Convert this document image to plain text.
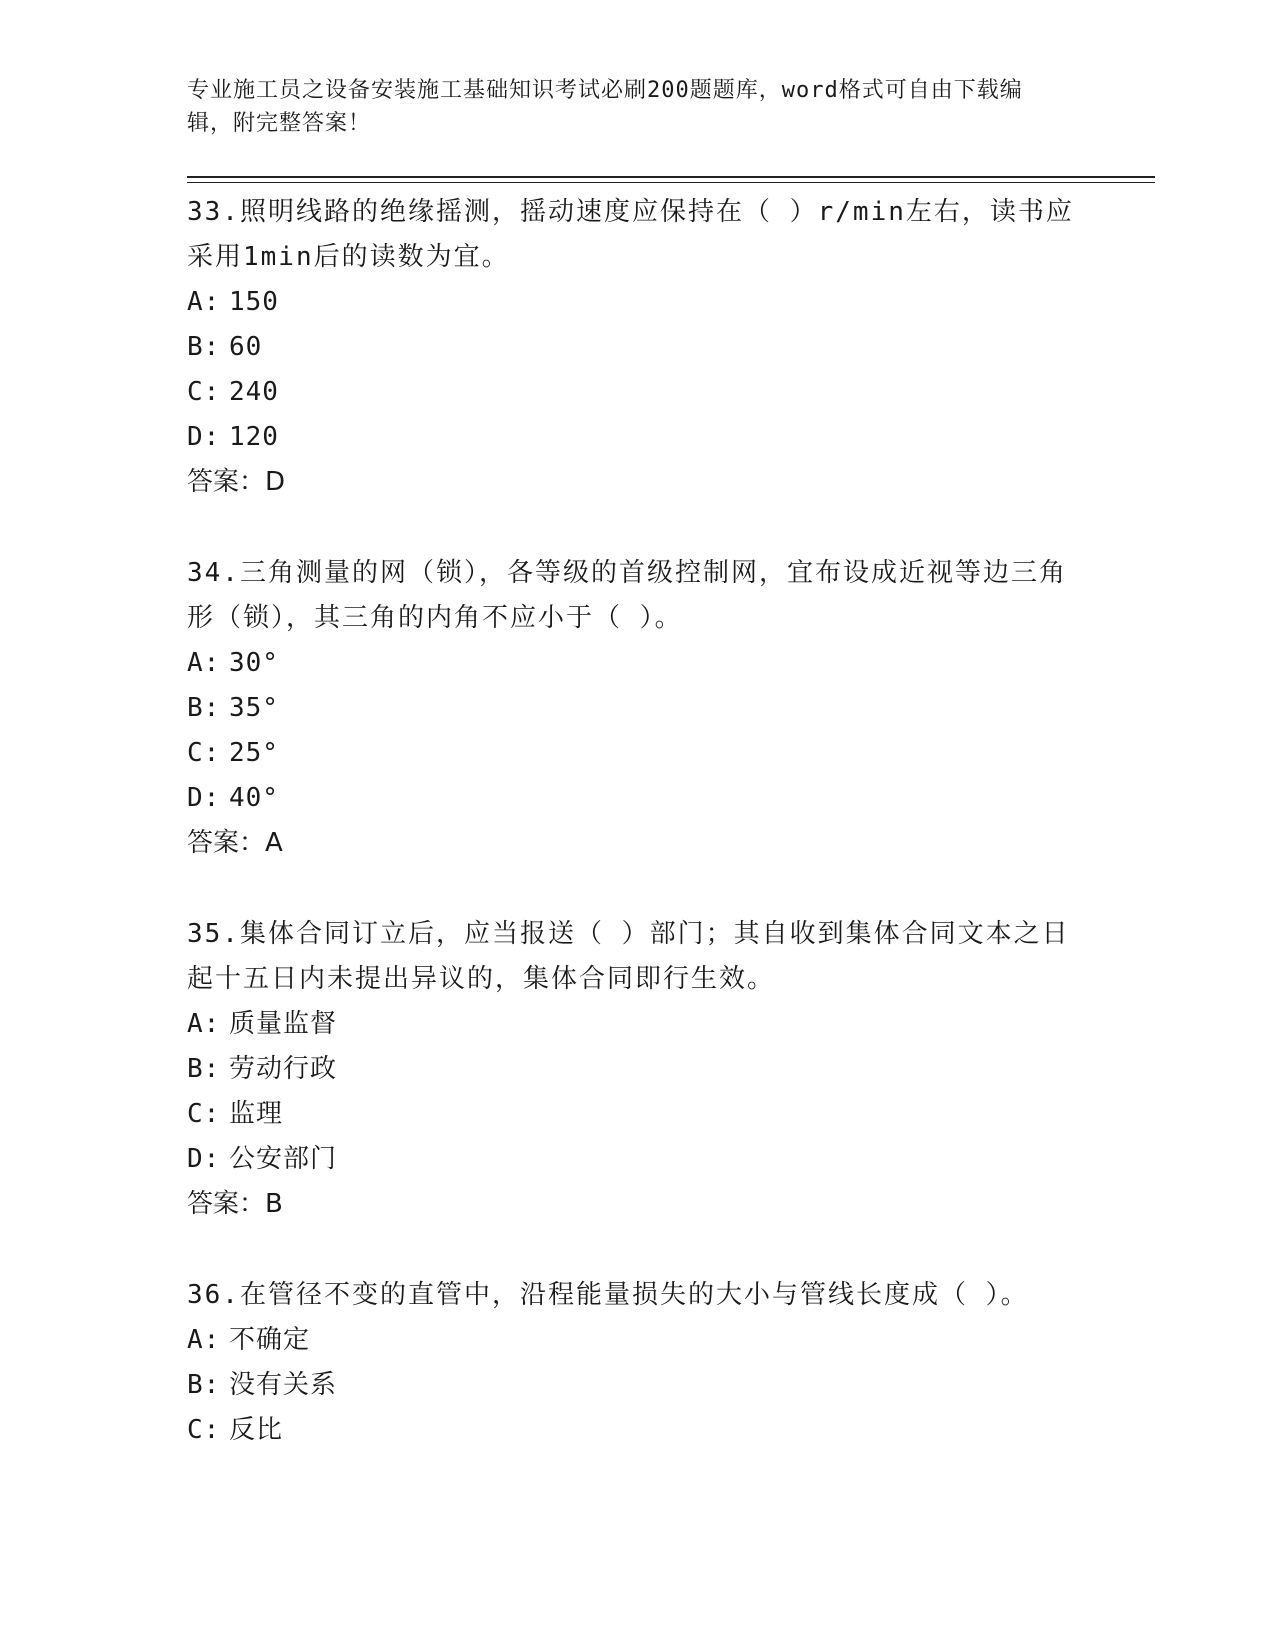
专业施工员之设备安装施工基础知识考试必刷200题题库，word格式可自由下载编辑，附完整答案！

33.照明线路的绝缘摇测，摇动速度应保持在（ ）r/min左右，读书应采用1min后的读数为宜。

A: 150

B: 60

C: 240

D: 120

答案：D

34.三角测量的网（锁），各等级的首级控制网，宜布设成近视等边三角形（锁），其三角的内角不应小于（ ）。

A: 30°

B: 35°

C: 25°

D: 40°

答案：A

35.集体合同订立后，应当报送（ ）部门；其自收到集体合同文本之日起十五日内未提出异议的，集体合同即行生效。

A: 质量监督

B: 劳动行政

C: 监理

D: 公安部门

答案：B

36.在管径不变的直管中，沿程能量损失的大小与管线长度成（ ）。

A: 不确定

B: 没有关系

C: 反比
